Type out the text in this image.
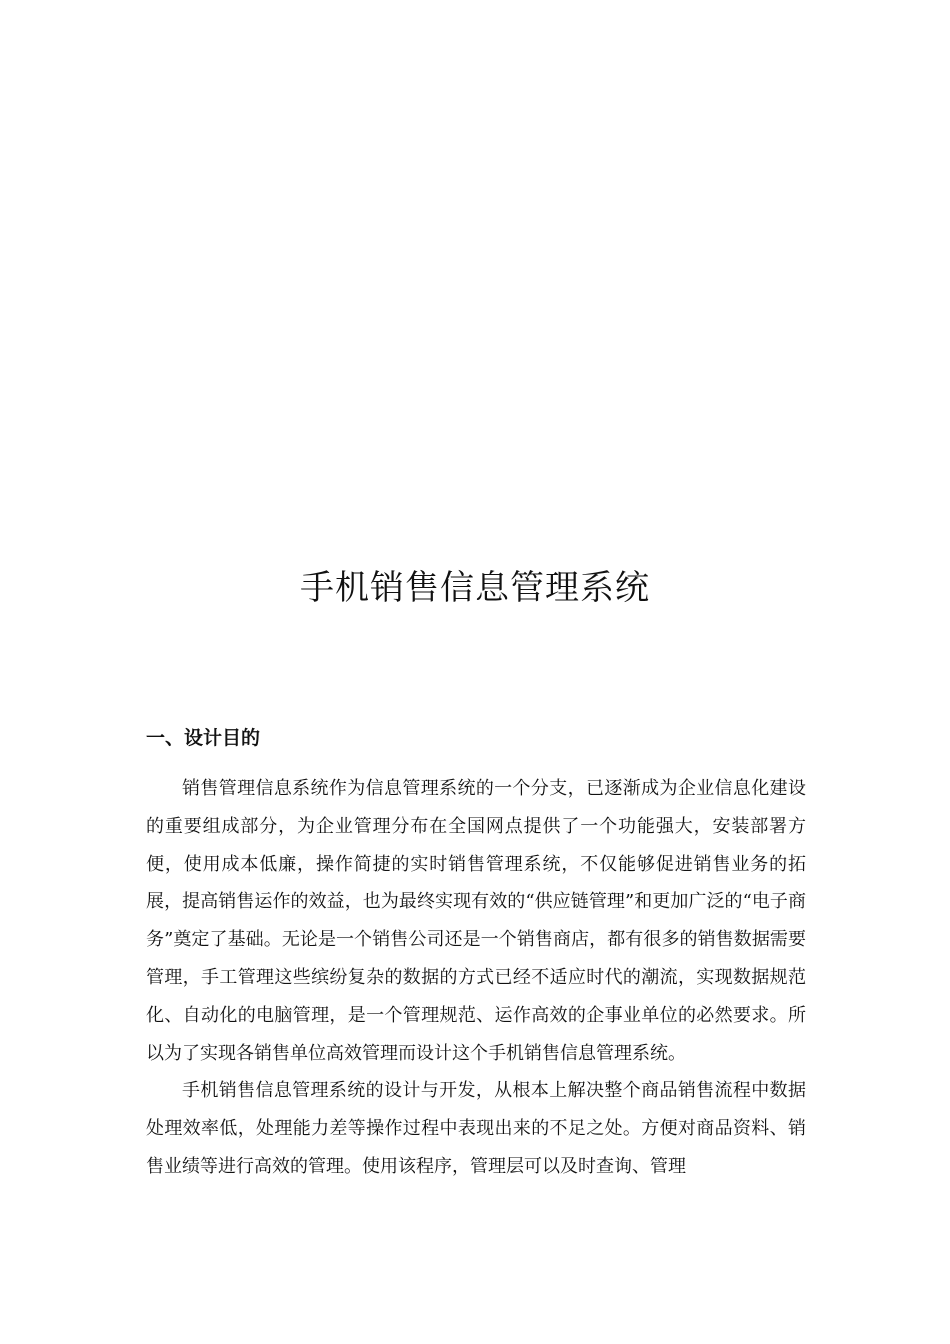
手机销售信息管理系统
一、设计目的

销售管理信息系统作为信息管理系统的一个分支，已逐渐成为企业信息化建设的重要组成部分，为企业管理分布在全国网点提供了一个功能强大，安装部署方便，使用成本低廉，操作简捷的实时销售管理系统，不仅能够促进销售业务的拓展，提高销售运作的效益，也为最终实现有效的“供应链管理”和更加广泛的“电子商务”奠定了基础。无论是一个销售公司还是一个销售商店，都有很多的销售数据需要管理，手工管理这些缤纷复杂的数据的方式已经不适应时代的潮流，实现数据规范化、自动化的电脑管理，是一个管理规范、运作高效的企事业单位的必然要求。所以为了实现各销售单位高效管理而设计这个手机销售信息管理系统。

手机销售信息管理系统的设计与开发，从根本上解决整个商品销售流程中数据处理效率低，处理能力差等操作过程中表现出来的不足之处。方便对商品资料、销售业绩等进行高效的管理。使用该程序，管理层可以及时查询、管理
